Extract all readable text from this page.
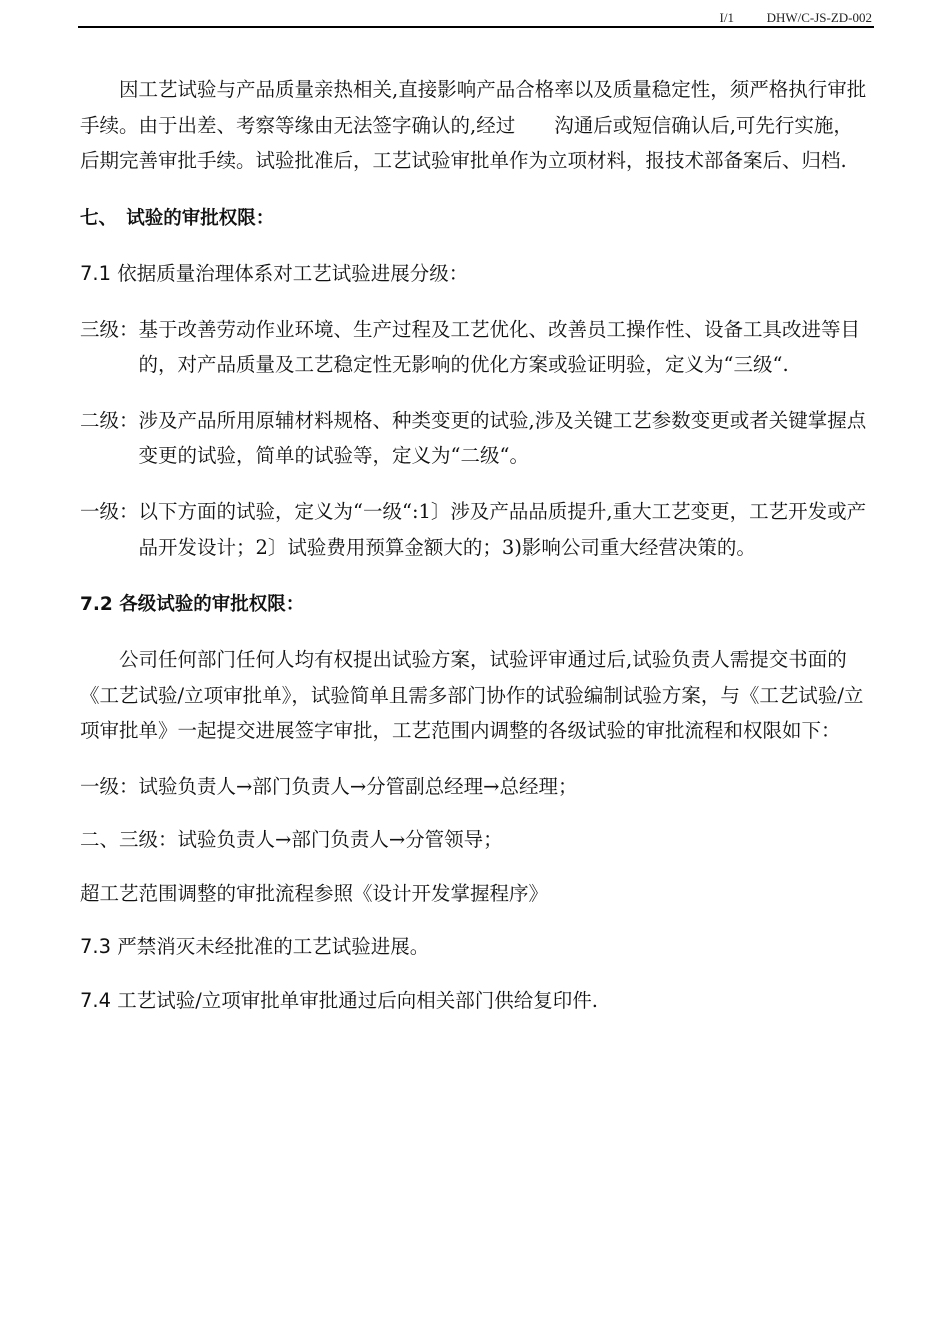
I/1	DHW/C-JS-ZD-002

因工艺试验与产品质量亲热相关,直接影响产品合格率以及质量稳定性，须严格执行审批手续。由于出差、考察等缘由无法签字确认的,经过　　沟通后或短信确认后,可先行实施，后期完善审批手续。试验批准后，工艺试验审批单作为立项材料，报技术部备案后、归档.

七、　试验的审批权限：

7.1 依据质量治理体系对工艺试验进展分级：

三级： 基于改善劳动作业环境、生产过程及工艺优化、改善员工操作性、设备工具改进等目的，对产品质量及工艺稳定性无影响的优化方案或验证明验，定义为“三级“.
二级： 涉及产品所用原辅材料规格、种类变更的试验,涉及关键工艺参数变更或者关键掌握点变更的试验，简单的试验等，定义为“二级“。
一级： 以下方面的试验，定义为“一级“:1〕涉及产品品质提升,重大工艺变更，工艺开发或产品开发设计；2〕试验费用预算金额大的；3)影响公司重大经营决策的。

7.2 各级试验的审批权限：

公司任何部门任何人均有权提出试验方案，试验评审通过后,试验负责人需提交书面的《工艺试验/立项审批单》，试验简单且需多部门协作的试验编制试验方案，与《工艺试验/立项审批单》一起提交进展签字审批，工艺范围内调整的各级试验的审批流程和权限如下：

一级：试验负责人→部门负责人→分管副总经理→总经理；

二、三级：试验负责人→部门负责人→分管领导；

超工艺范围调整的审批流程参照《设计开发掌握程序》

7.3 严禁消灭未经批准的工艺试验进展。

7.4 工艺试验/立项审批单审批通过后向相关部门供给复印件.
